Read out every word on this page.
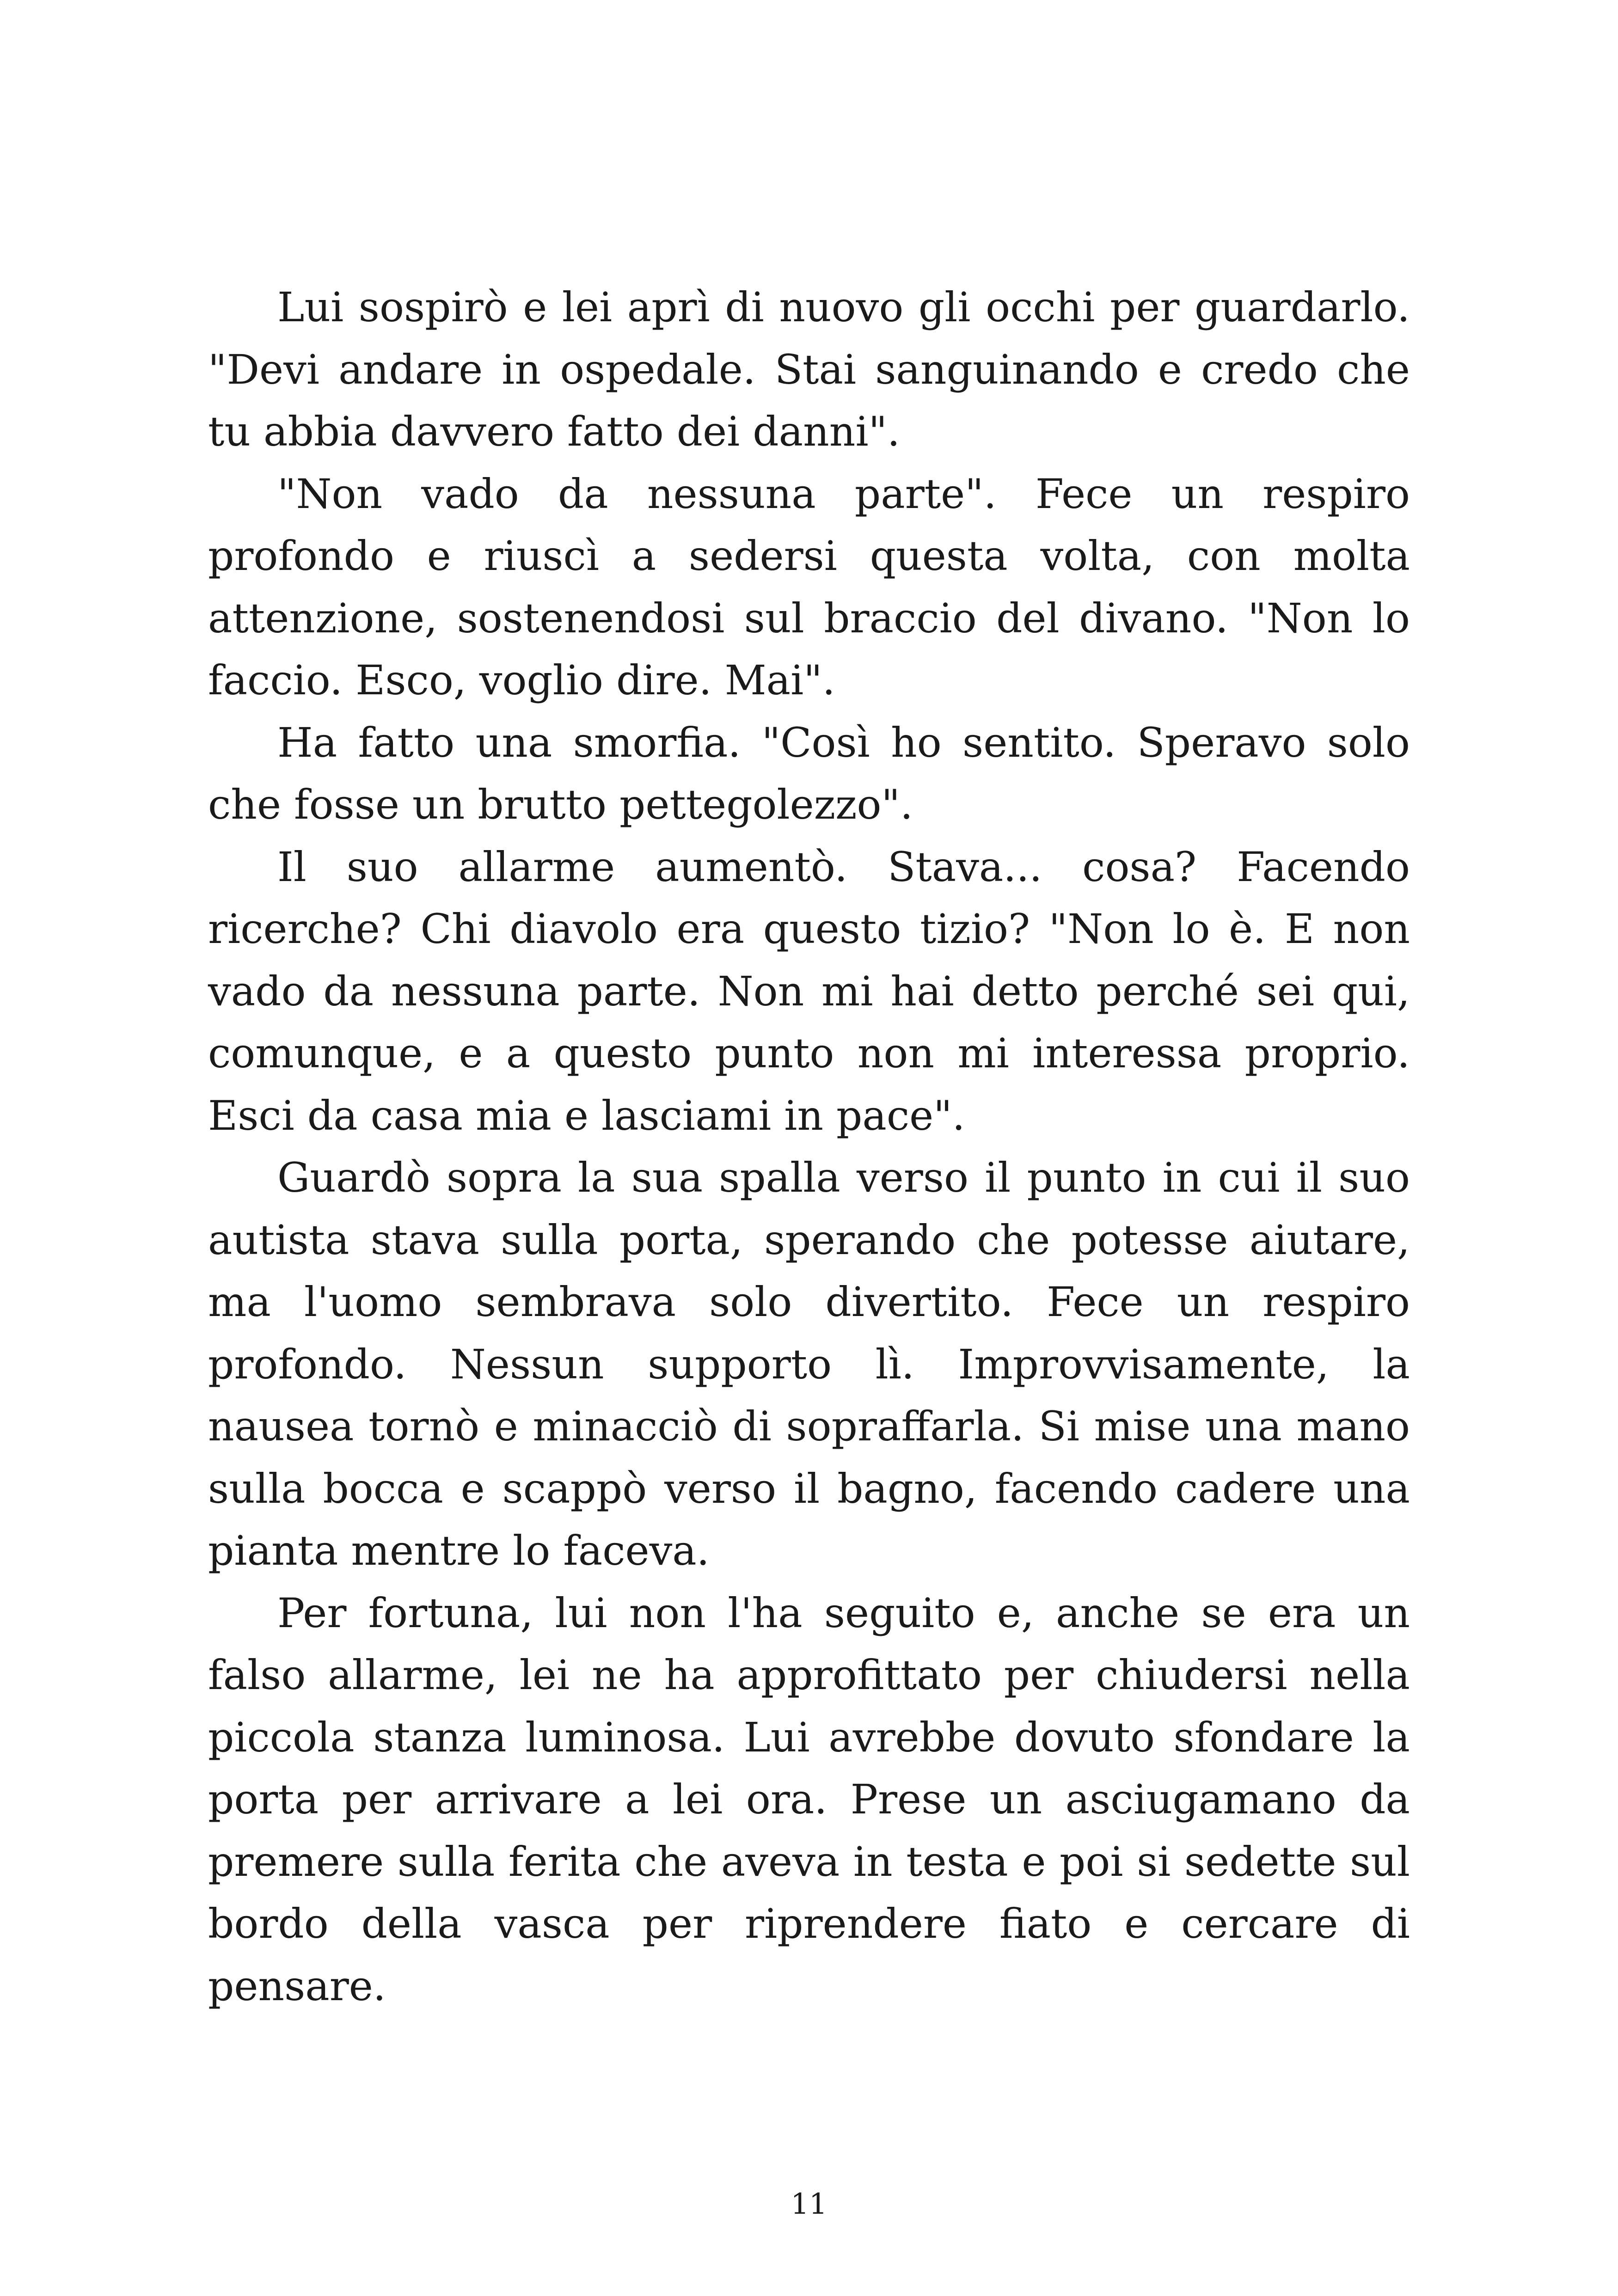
Lui sospirò e lei aprì di nuovo gli occhi per guardarlo. "Devi andare in ospedale. Stai sanguinando e credo che tu abbia davvero fatto dei danni".

"Non vado da nessuna parte". Fece un respiro profondo e riuscì a sedersi questa volta, con molta attenzione, sostenendosi sul braccio del divano. "Non lo faccio. Esco, voglio dire. Mai".

Ha fatto una smorfia. "Così ho sentito. Speravo solo che fosse un brutto pettegolezzo".

Il suo allarme aumentò. Stava... cosa? Facendo ricerche? Chi diavolo era questo tizio? "Non lo è. E non vado da nessuna parte. Non mi hai detto perché sei qui, comunque, e a questo punto non mi interessa proprio. Esci da casa mia e lasciami in pace".

Guardò sopra la sua spalla verso il punto in cui il suo autista stava sulla porta, sperando che potesse aiutare, ma l'uomo sembrava solo divertito. Fece un respiro profondo. Nessun supporto lì. Improvvisamente, la nausea tornò e minacciò di sopraffarla. Si mise una mano sulla bocca e scappò verso il bagno, facendo cadere una pianta mentre lo faceva.

Per fortuna, lui non l'ha seguito e, anche se era un falso allarme, lei ne ha approfittato per chiudersi nella piccola stanza luminosa. Lui avrebbe dovuto sfondare la porta per arrivare a lei ora. Prese un asciugamano da premere sulla ferita che aveva in testa e poi si sedette sul bordo della vasca per riprendere fiato e cercare di pensare.

11
